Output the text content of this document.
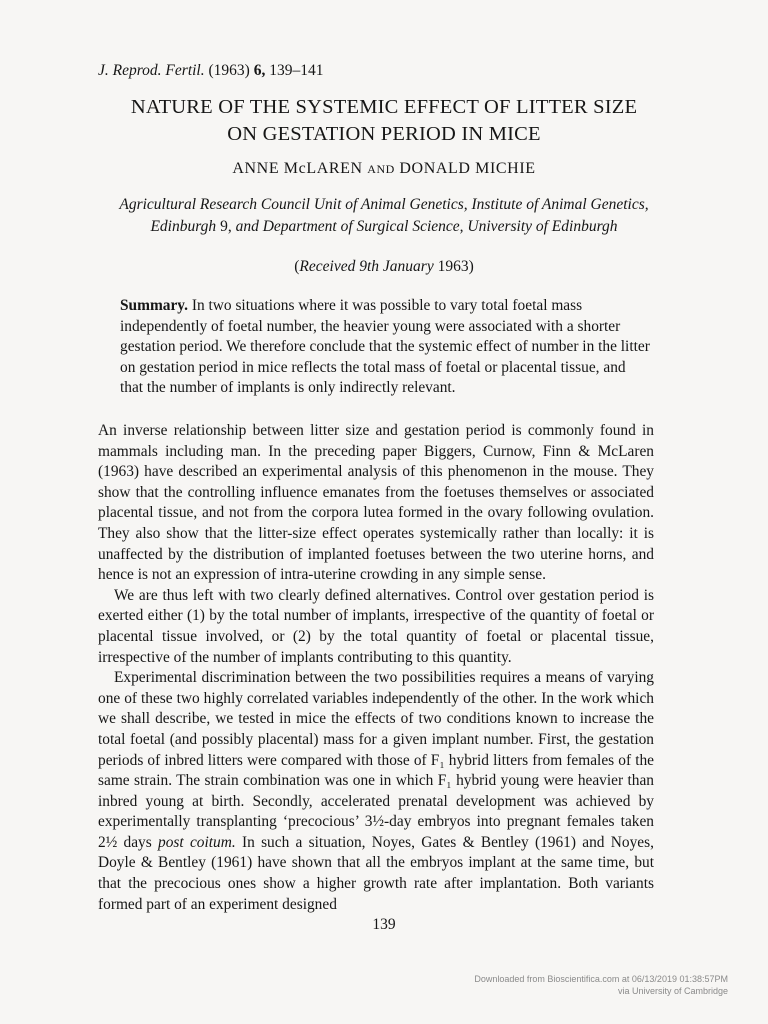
J. Reprod. Fertil. (1963) 6, 139–141
NATURE OF THE SYSTEMIC EFFECT OF LITTER SIZE
ON GESTATION PERIOD IN MICE
ANNE McLAREN AND DONALD MICHIE
Agricultural Research Council Unit of Animal Genetics, Institute of Animal Genetics,
Edinburgh 9, and Department of Surgical Science, University of Edinburgh
(Received 9th January 1963)

Summary. In two situations where it was possible to vary total foetal mass independently of foetal number, the heavier young were associated with a shorter gestation period. We therefore conclude that the systemic effect of number in the litter on gestation period in mice reflects the total mass of foetal or placental tissue, and that the number of implants is only indirectly relevant.

An inverse relationship between litter size and gestation period is commonly found in mammals including man. In the preceding paper Biggers, Curnow, Finn & McLaren (1963) have described an experimental analysis of this phenomenon in the mouse. They show that the controlling influence emanates from the foetuses themselves or associated placental tissue, and not from the corpora lutea formed in the ovary following ovulation. They also show that the litter-size effect operates systemically rather than locally: it is unaffected by the distribution of implanted foetuses between the two uterine horns, and hence is not an expression of intra-uterine crowding in any simple sense.

We are thus left with two clearly defined alternatives. Control over gestation period is exerted either (1) by the total number of implants, irrespective of the quantity of foetal or placental tissue involved, or (2) by the total quantity of foetal or placental tissue, irrespective of the number of implants contributing to this quantity.

Experimental discrimination between the two possibilities requires a means of varying one of these two highly correlated variables independently of the other. In the work which we shall describe, we tested in mice the effects of two conditions known to increase the total foetal (and possibly placental) mass for a given implant number. First, the gestation periods of inbred litters were compared with those of F₁ hybrid litters from females of the same strain. The strain combination was one in which F₁ hybrid young were heavier than inbred young at birth. Secondly, accelerated prenatal development was achieved by experimentally transplanting ‘precocious’ 3½-day embryos into pregnant females taken 2½ days post coitum. In such a situation, Noyes, Gates & Bentley (1961) and Noyes, Doyle & Bentley (1961) have shown that all the embryos implant at the same time, but that the precocious ones show a higher growth rate after implantation. Both variants formed part of an experiment designed

139
Downloaded from Bioscientifica.com at 06/13/2019 01:38:57PM
via University of Cambridge
